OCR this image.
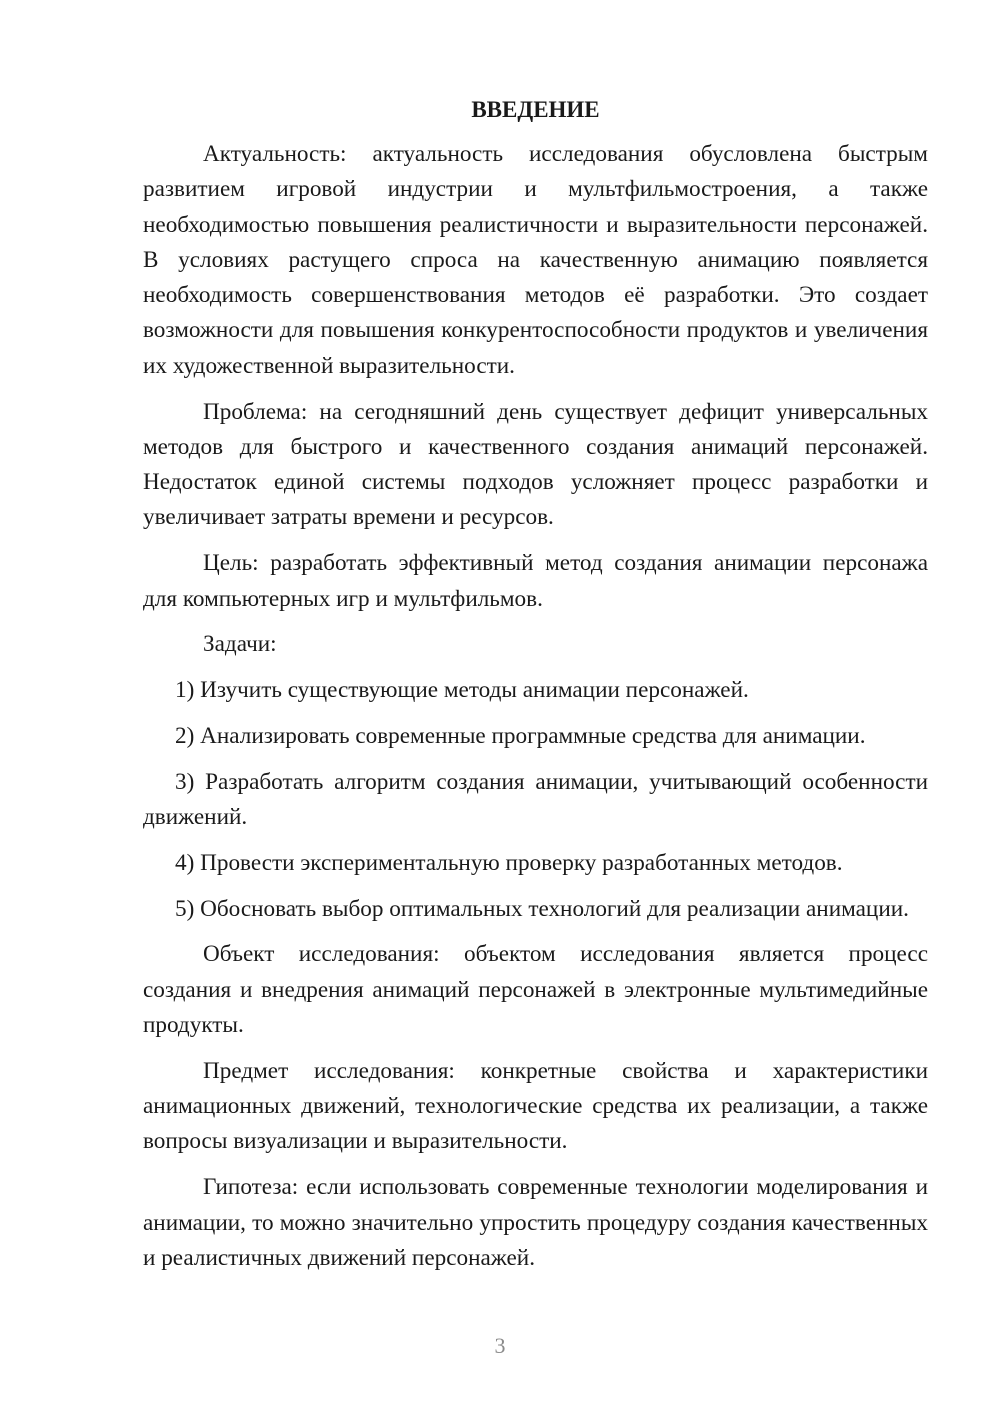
ВВЕДЕНИЕ

Актуальность: актуальность исследования обусловлена быстрым развитием игровой индустрии и мультфильмостроения, а также необходимостью повышения реалистичности и выразительности персонажей. В условиях растущего спроса на качественную анимацию появляется необходимость совершенствования методов её разработки. Это создает возможности для повышения конкурентоспособности продуктов и увеличения их художественной выразительности.

Проблема: на сегодняшний день существует дефицит универсальных методов для быстрого и качественного создания анимаций персонажей. Недостаток единой системы подходов усложняет процесс разработки и увеличивает затраты времени и ресурсов.

Цель: разработать эффективный метод создания анимации персонажа для компьютерных игр и мультфильмов.

Задачи:

1) Изучить существующие методы анимации персонажей.

2) Анализировать современные программные средства для анимации.

3) Разработать алгоритм создания анимации, учитывающий особенности движений.

4) Провести экспериментальную проверку разработанных методов.

5) Обосновать выбор оптимальных технологий для реализации анимации.

Объект исследования: объектом исследования является процесс создания и внедрения анимаций персонажей в электронные мультимедийные продукты.

Предмет исследования: конкретные свойства и характеристики анимационных движений, технологические средства их реализации, а также вопросы визуализации и выразительности.

Гипотеза: если использовать современные технологии моделирования и анимации, то можно значительно упростить процедуру создания качественных и реалистичных движений персонажей.

3
